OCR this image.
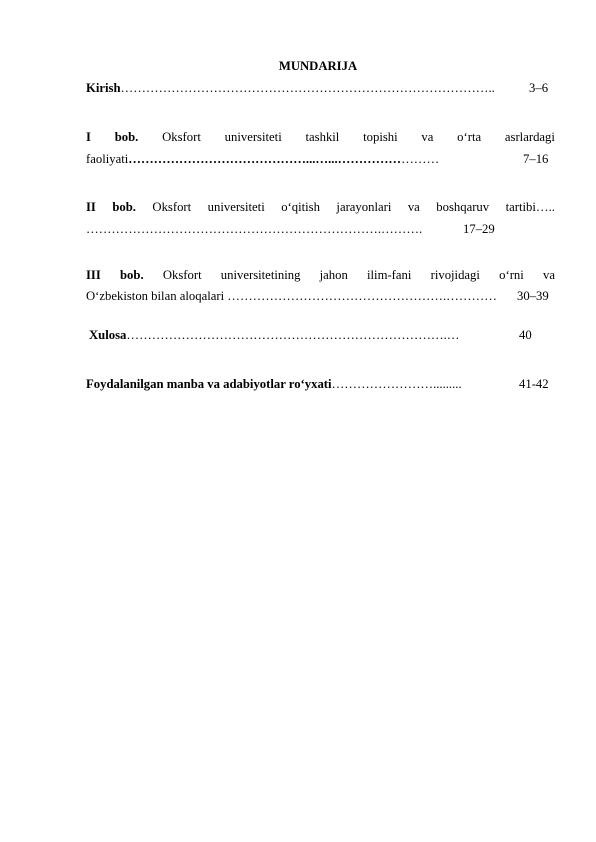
MUNDARIJA
Kirish……………………………………………………………………………..	3–6
I bob. Oksfort universiteti tashkil topishi va o‘rta asrlardagi
faoliyati……………………………………...…...……………………	7–16
II bob. Oksfort universiteti o‘qitish jarayonlari va boshqaruv tartibi…..
…………………………………………………………….……….	17–29
III bob. Oksfort universitetining jahon ilim-fani rivojidagi o‘rni va
O‘zbekiston bilan aloqalari …………………………………………….………… 30–39
Xulosa………………………………………………………………….…	40
Foydalanilgan manba va adabiyotlar ro‘yxati…………………….........	41-42
